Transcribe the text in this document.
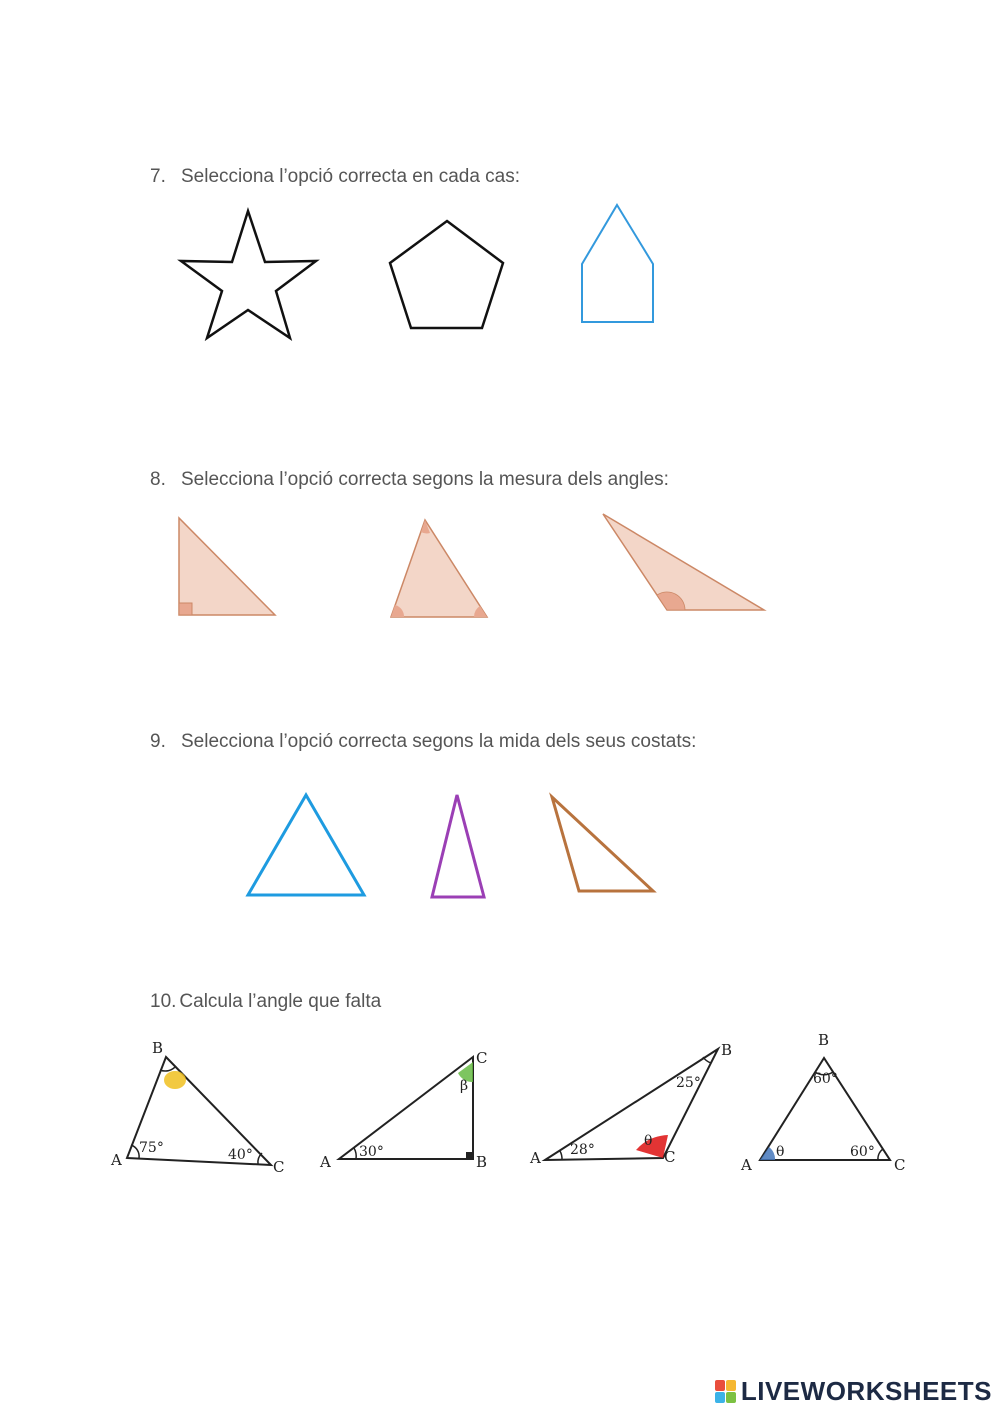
7. Selecciona l’opció correcta en cada cas:
8. Selecciona l’opció correcta segons la mesura dels angles:
9. Selecciona l’opció correcta segons la mida dels seus costats:
10. Calcula l’angle que falta
B
A	C
75°	40°	A	B
C
30°
β
A
B
C
28°
25°
θ
B
A	C
60°
60°
θ
LIVEWORKSHEETS
